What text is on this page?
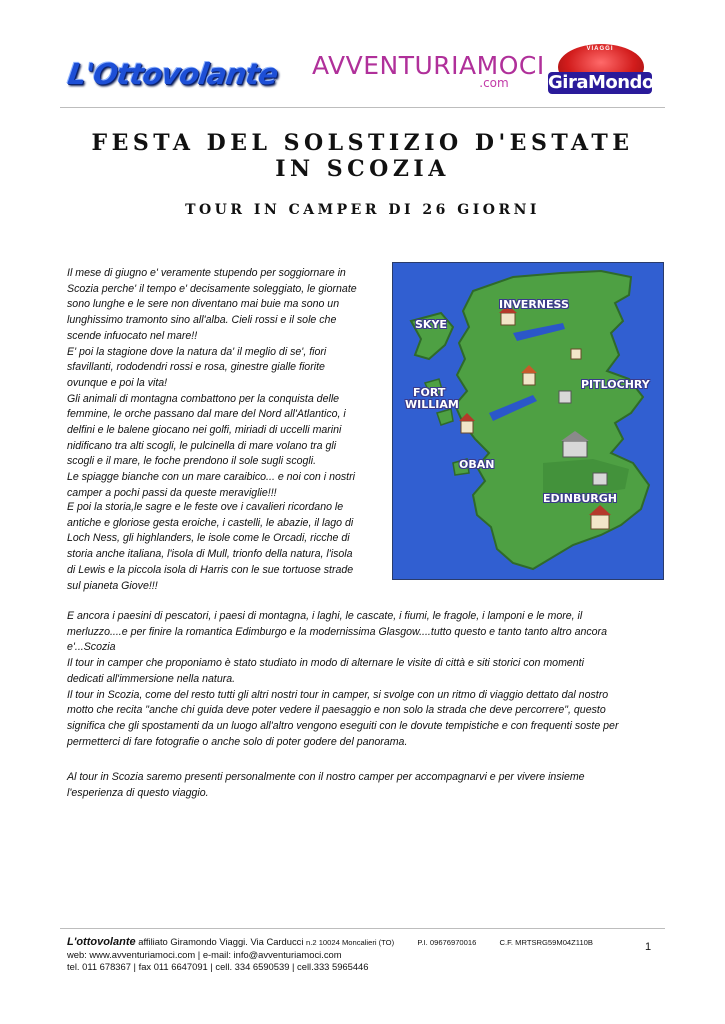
L'Ottovolante AVVENTURIAMOCI
.com
VIAGGI
GiraMondo
FESTA DEL SOLSTIZIO D'ESTATE
IN SCOZIA
TOUR IN CAMPER DI 26 GIORNI
Il mese di giugno e' veramente stupendo per soggiornare in
Scozia perche' il tempo e' decisamente soleggiato, le giornate
sono lunghe e le sere non diventano mai buie ma sono un
lunghissimo tramonto sino all'alba. Cieli rossi e il sole che
scende infuocato nel mare!!
E' poi la stagione dove la natura da' il meglio di se', fiori
sfavillanti, rododendri rossi e rosa, ginestre gialle fiorite
ovunque e poi la vita!
Gli animali di montagna combattono per la conquista delle
femmine, le orche passano dal mare del Nord all'Atlantico, i
delfini e le balene giocano nei golfi, miriadi di uccelli marini
nidificano tra alti scogli, le pulcinella di mare volano tra gli
scogli e il mare, le foche prendono il sole sugli scogli.
Le spiagge bianche con un mare caraibico... e noi con i nostri
camper a pochi passi da queste meraviglie!!!
E poi la storia,le sagre e le feste ove i cavalieri ricordano le
antiche e gloriose gesta eroiche, i castelli, le abazie, il lago di
Loch Ness, gli highlanders, le isole come le Orcadi, ricche di
storia anche italiana, l'isola di Mull, trionfo della natura, l'isola
di Lewis e la piccola isola di Harris con le sue tortuose strade
sul pianeta Giove!!!
E ancora i paesini di pescatori, i paesi di montagna, i laghi, le cascate, i fiumi, le fragole, i lamponi e le more, il
merluzzo....e per finire la romantica Edimburgo e la modernissima Glasgow....tutto questo e tanto tanto altro ancora
e'...Scozia
Il tour in camper che proponiamo è stato studiato in modo di alternare le visite di città e siti storici con momenti
dedicati all'immersione nella natura.
Il tour in Scozia, come del resto tutti gli altri nostri tour in camper, si svolge con un ritmo di viaggio dettato dal nostro
motto che recita "anche chi guida deve poter vedere il paesaggio e non solo la strada che deve percorrere", questo
significa che gli spostamenti da un luogo all'altro vengono eseguiti con le dovute tempistiche e con frequenti soste per
permetterci di fare fotografie o anche solo di poter godere del panorama.
Al tour in Scozia saremo presenti personalmente con il nostro camper per accompagnarvi e per vivere insieme
l'esperienza di questo viaggio.
INVERNESS
SKYE
PITLOCHRY
FORT
WILLIAM
OBAN
EDINBURGH
L'ottovolante affiliato Giramondo Viaggi. Via Carducci n.2 10024 Moncalieri (TO)	P.I. 09676970016	C.F. MRTSRG59M04Z110B
web: www.avventuriamoci.com | e-mail: info@avventuriamoci.com
tel. 011 678367 | fax 011 6647091 | cell. 334 6590539 | cell.333 5965446
1
